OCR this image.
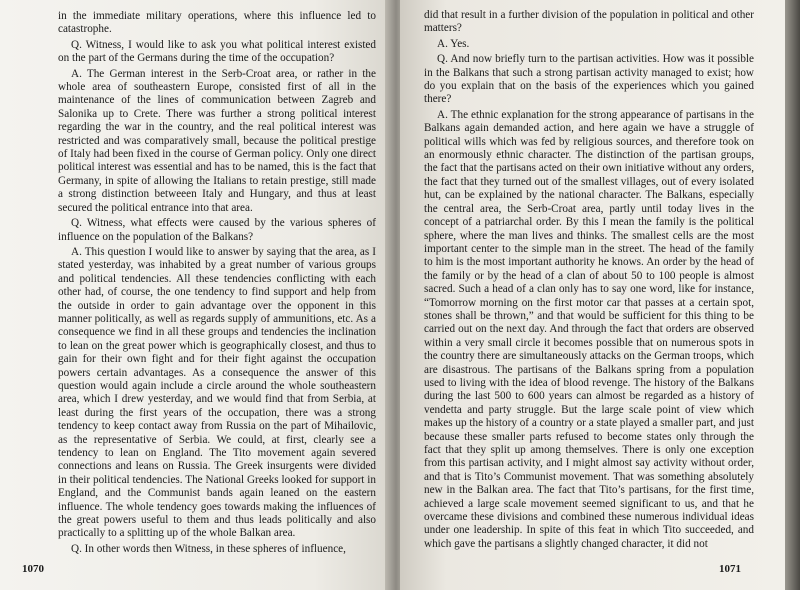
in the immediate military operations, where this influence led to catastrophe.

Q. Witness, I would like to ask you what political interest existed on the part of the Germans during the time of the occupation?

A. The German interest in the Serb-Croat area, or rather in the whole area of southeastern Europe, consisted first of all in the maintenance of the lines of communication between Zagreb and Salonika up to Crete. There was further a strong political interest regarding the war in the country, and the real political interest was restricted and was comparatively small, because the political prestige of Italy had been fixed in the course of German policy. Only one direct political interest was essential and has to be named, this is the fact that Germany, in spite of allowing the Italians to retain prestige, still made a strong distinction betweeen Italy and Hungary, and thus at least secured the political entrance into that area.

Q. Witness, what effects were caused by the various spheres of influence on the population of the Balkans?

A. This question I would like to answer by saying that the area, as I stated yesterday, was inhabited by a great number of various groups and political tendencies. All these tendencies conflicting with each other had, of course, the one tendency to find support and help from the outside in order to gain advantage over the opponent in this manner politically, as well as regards supply of ammunitions, etc. As a consequence we find in all these groups and tendencies the inclination to lean on the great power which is geographically closest, and thus to gain for their own fight and for their fight against the occupation powers certain advantages. As a consequence the answer of this question would again include a circle around the whole southeastern area, which I drew yesterday, and we would find that from Serbia, at least during the first years of the occupation, there was a strong tendency to keep contact away from Russia on the part of Mihailovic, as the representative of Serbia. We could, at first, clearly see a tendency to lean on England. The Tito movement again severed connections and leans on Russia. The Greek insurgents were divided in their political tendencies. The National Greeks looked for support in England, and the Communist bands again leaned on the eastern influence. The whole tendency goes towards making the influences of the great powers useful to them and thus leads politically and also practically to a splitting up of the whole Balkan area.

Q. In other words then Witness, in these spheres of influence,

1070

did that result in a further division of the population in political and other matters?

A. Yes.

Q. And now briefly turn to the partisan activities. How was it possible in the Balkans that such a strong partisan activity managed to exist; how do you explain that on the basis of the experiences which you gained there?

A. The ethnic explanation for the strong appearance of partisans in the Balkans again demanded action, and here again we have a struggle of political wills which was fed by religious sources, and therefore took on an enormously ethnic character. The distinction of the partisan groups, the fact that the partisans acted on their own initiative without any orders, the fact that they turned out of the smallest villages, out of every isolated hut, can be explained by the national character. The Balkans, especially the central area, the Serb-Croat area, partly until today lives in the concept of a patriarchal order. By this I mean the family is the political sphere, where the man lives and thinks. The smallest cells are the most important center to the simple man in the street. The head of the family to him is the most important authority he knows. An order by the head of the family or by the head of a clan of about 50 to 100 people is almost sacred. Such a head of a clan only has to say one word, like for instance, “Tomorrow morning on the first motor car that passes at a certain spot, stones shall be thrown,” and that would be sufficient for this thing to be carried out on the next day. And through the fact that orders are observed within a very small circle it becomes possible that on numerous spots in the country there are simultaneously attacks on the German troops, which are disastrous. The partisans of the Balkans spring from a population used to living with the idea of blood revenge. The history of the Balkans during the last 500 to 600 years can almost be regarded as a history of vendetta and party struggle. But the large scale point of view which makes up the history of a country or a state played a smaller part, and just because these smaller parts refused to become states only through the fact that they split up among themselves. There is only one exception from this partisan activity, and I might almost say activity without order, and that is Tito’s Communist movement. That was something absolutely new in the Balkan area. The fact that Tito’s partisans, for the first time, achieved a large scale movement seemed significant to us, and that he overcame these divisions and combined these numerous individual ideas under one leadership. In spite of this feat in which Tito succeeded, and which gave the partisans a slightly changed character, it did not

1071
